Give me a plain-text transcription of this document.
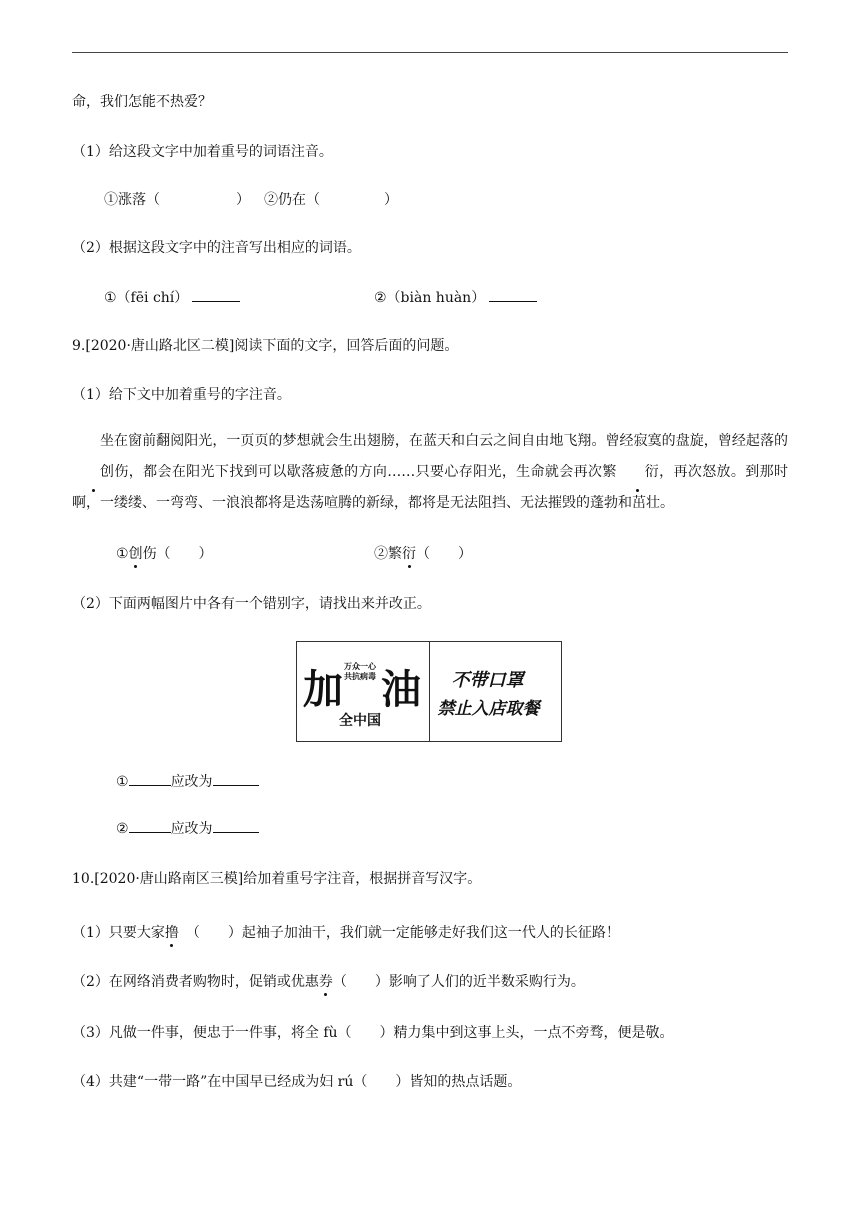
命，我们怎能不热爱？
（1）给这段文字中加着重号的词语注音。
①涨落（	） ②仍在（	）
（2）根据这段文字中的注音写出相应的词语。
①（fēi chí）	②（biàn huàn）
9.[2020·唐山路北区二模]阅读下面的文字，回答后面的问题。
（1）给下文中加着重号的字注音。
坐在窗前翻阅阳光，一页页的梦想就会生出翅膀，在蓝天和白云之间自由地飞翔。曾经寂寞的盘旋，曾经起落的创伤，都会在阳光下找到可以歇落疲惫的方向……只要心存阳光，生命就会再次繁 衍，再次怒放。到那时啊，一缕缕、一弯弯、一浪浪都将是迭荡喧腾的新绿，都将是无法阻挡、无法摧毁的蓬勃和茁壮。
①创伤（　　）	②繁衍（　　）
（2）下面两幅图片中各有一个错别字，请找出来并改正。
加
万众一心
共抗病毒 油
全中国
不带口罩
禁止入店取餐
①	应改为
②	应改为
10.[2020·唐山路南区三模]给加着重号字注音，根据拼音写汉字。
（1）只要大家撸　（　　）起袖子加油干，我们就一定能够走好我们这一代人的长征路！
（2）在网络消费者购物时，促销或优惠券（　　）影响了人们的近半数采购行为。
（3）凡做一件事，便忠于一件事，将全 fù（　　）精力集中到这事上头，一点不旁骛，便是敬。
（4）共建“一带一路”在中国早已经成为妇 rú（　　）皆知的热点话题。
